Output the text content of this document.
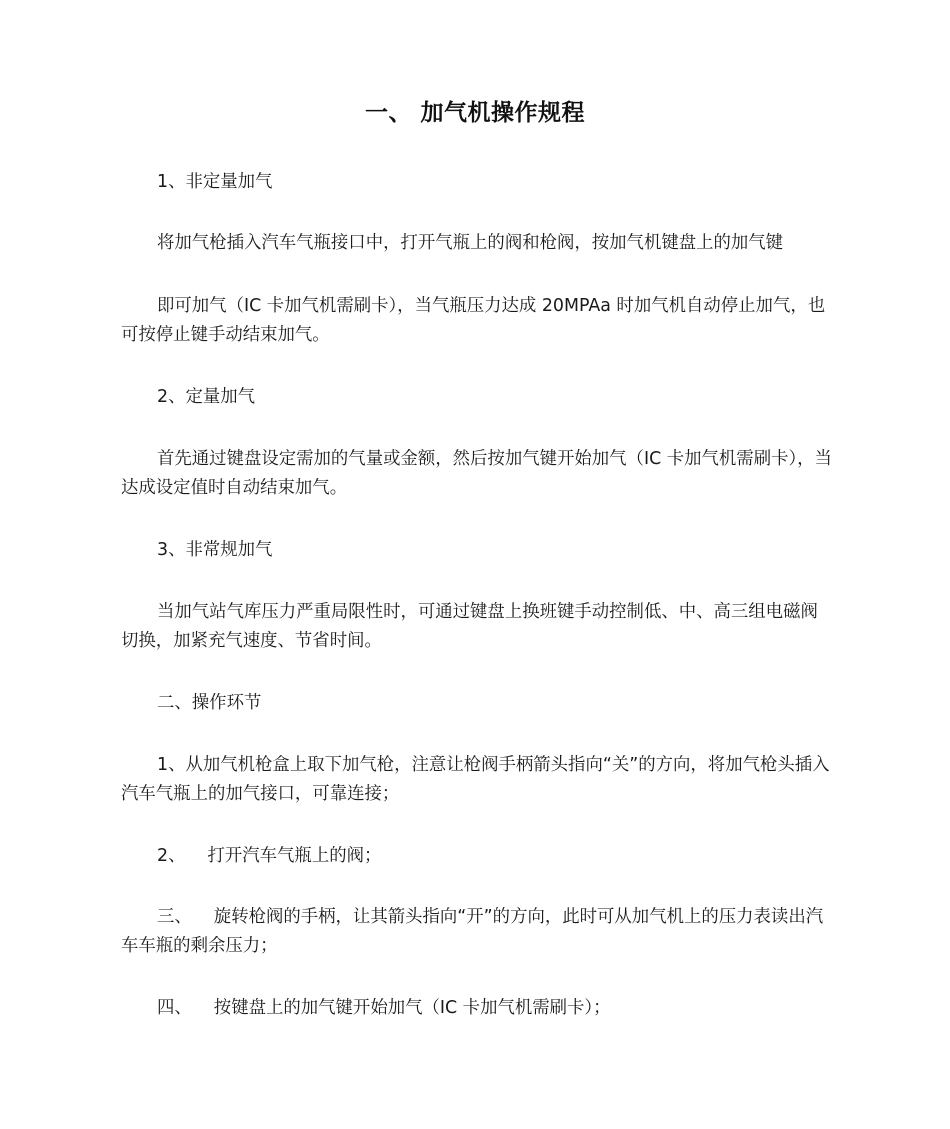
一、 加气机操作规程
1、非定量加气
将加气枪插入汽车气瓶接口中，打开气瓶上的阀和枪阀，按加气机键盘上的加气键
即可加气（IC 卡加气机需刷卡），当气瓶压力达成 20MPAa 时加气机自动停止加气，也可按停止键手动结束加气。
2、定量加气
首先通过键盘设定需加的气量或金额，然后按加气键开始加气（IC 卡加气机需刷卡），当达成设定值时自动结束加气。
3、非常规加气
当加气站气库压力严重局限性时，可通过键盘上换班键手动控制低、中、高三组电磁阀切换，加紧充气速度、节省时间。
二、操作环节
1、从加气机枪盒上取下加气枪，注意让枪阀手柄箭头指向“关”的方向，将加气枪头插入汽车气瓶上的加气接口，可靠连接；
2、 打开汽车气瓶上的阀；
三、 旋转枪阀的手柄，让其箭头指向“开”的方向，此时可从加气机上的压力表读出汽车车瓶的剩余压力；
四、 按键盘上的加气键开始加气（IC 卡加气机需刷卡）；
